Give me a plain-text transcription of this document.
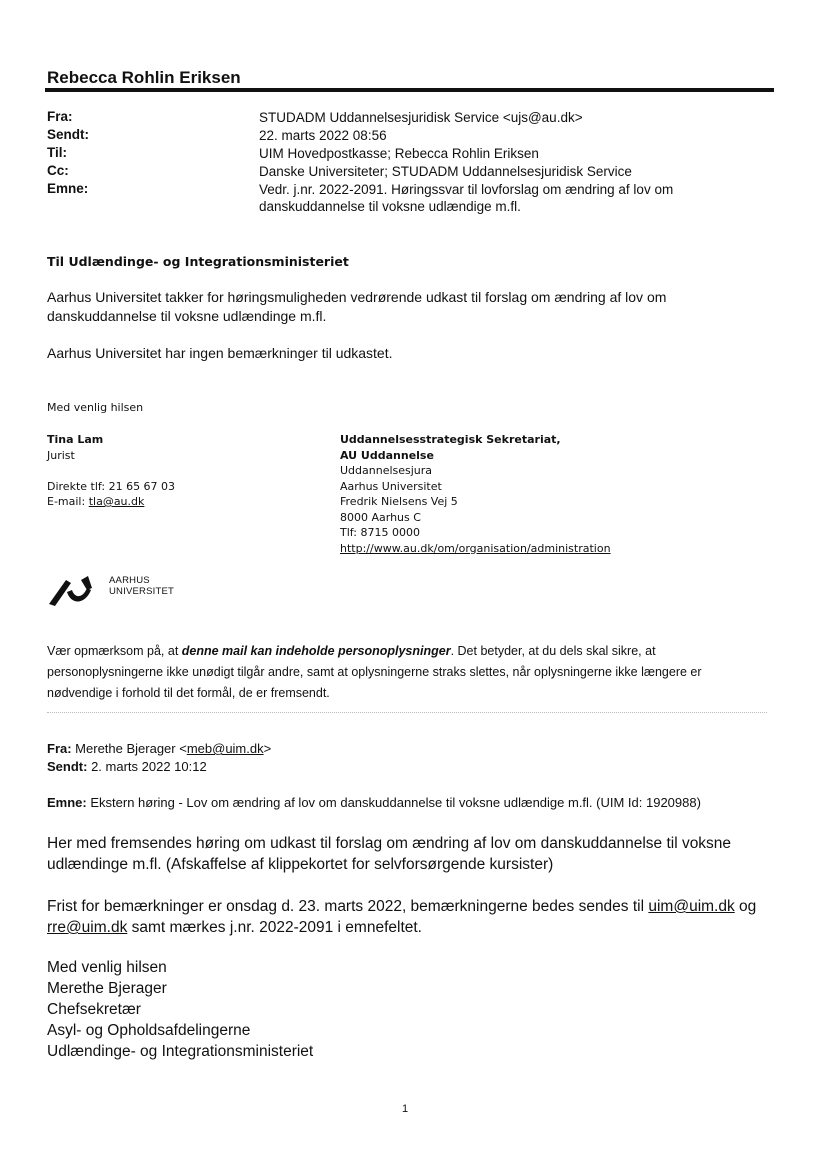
Rebecca Rohlin Eriksen
Fra:	STUDADM Uddannelsesjuridisk Service <ujs@au.dk>
Sendt:	22. marts 2022 08:56
Til:	UIM Hovedpostkasse; Rebecca Rohlin Eriksen
Cc:	Danske Universiteter; STUDADM Uddannelsesjuridisk Service
Emne:	Vedr. j.nr. 2022-2091. Høringssvar til lovforslag om ændring af lov om danskuddannelse til voksne udlændige m.fl.
Til Udlændinge- og Integrationsministeriet
Aarhus Universitet takker for høringsmuligheden vedrørende udkast til forslag om ændring af lov om danskuddannelse til voksne udlændinge m.fl.
Aarhus Universitet har ingen bemærkninger til udkastet.
Med venlig hilsen
Tina Lam
Jurist

Direkte tlf: 21 65 67 03
E-mail: tla@au.dk
Uddannelsesstrategisk Sekretariat,
AU Uddannelse
Uddannelsesjura
Aarhus Universitet
Fredrik Nielsens Vej 5
8000 Aarhus C
Tlf: 8715 0000
http://www.au.dk/om/organisation/administration
AARHUS
UNIVERSITET
Vær opmærksom på, at denne mail kan indeholde personoplysninger. Det betyder, at du dels skal sikre, at personoplysningerne ikke unødigt tilgår andre, samt at oplysningerne straks slettes, når oplysningerne ikke længere er nødvendige i forhold til det formål, de er fremsendt.
Fra: Merethe Bjerager <meb@uim.dk>
Sendt: 2. marts 2022 10:12
Emne: Ekstern høring - Lov om ændring af lov om danskuddannelse til voksne udlændige m.fl. (UIM Id: 1920988)
Her med fremsendes høring om udkast til forslag om ændring af lov om danskuddannelse til voksne udlændinge m.fl. (Afskaffelse af klippekortet for selvforsørgende kursister)
Frist for bemærkninger er onsdag d. 23. marts 2022, bemærkningerne bedes sendes til uim@uim.dk og rre@uim.dk samt mærkes j.nr. 2022-2091 i emnefeltet.
Med venlig hilsen
Merethe Bjerager
Chefsekretær
Asyl- og Opholdsafdelingerne
Udlændinge- og Integrationsministeriet
1
